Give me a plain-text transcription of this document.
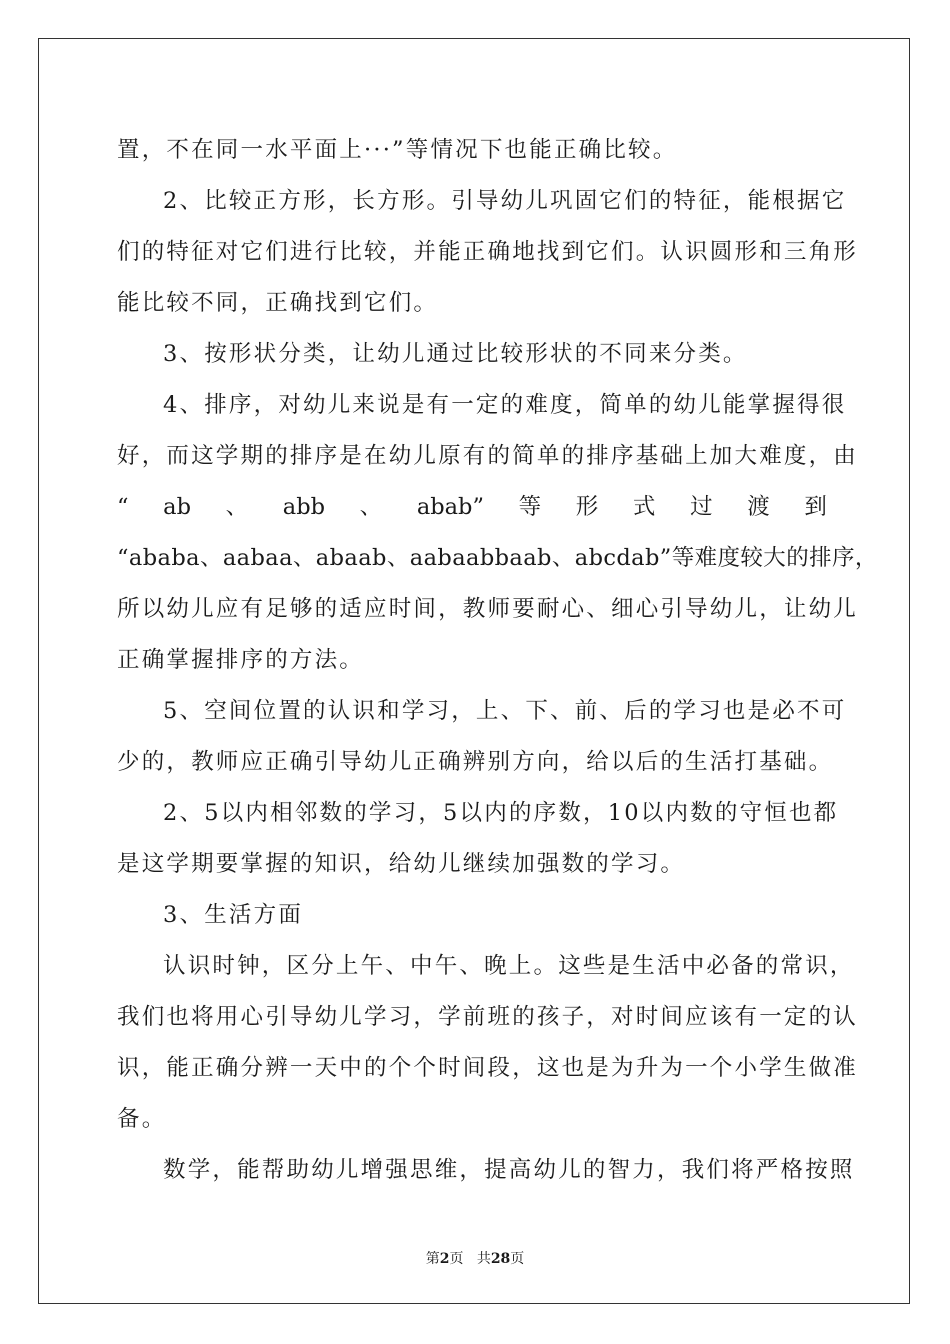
置，不在同一水平面上···”等情况下也能正确比较。
2、比较正方形，长方形。引导幼儿巩固它们的特征，能根据它
们的特征对它们进行比较，并能正确地找到它们。认识圆形和三角形
能比较不同，正确找到它们。
3、按形状分类，让幼儿通过比较形状的不同来分类。
4、排序，对幼儿来说是有一定的难度，简单的幼儿能掌握得很
好，而这学期的排序是在幼儿原有的简单的排序基础上加大难度，由
“ ab 、 abb 、 abab” 等 形 式 过 渡 到
“ababa、aabaa、abaab、aabaabbaab、abcdab”等难度较大的排序，
所以幼儿应有足够的适应时间，教师要耐心、细心引导幼儿，让幼儿
正确掌握排序的方法。
5、空间位置的认识和学习，上、下、前、后的学习也是必不可
少的，教师应正确引导幼儿正确辨别方向，给以后的生活打基础。
2、5以内相邻数的学习，5以内的序数，10以内数的守恒也都
是这学期要掌握的知识，给幼儿继续加强数的学习。
3、生活方面
认识时钟，区分上午、中午、晚上。这些是生活中必备的常识，
我们也将用心引导幼儿学习，学前班的孩子，对时间应该有一定的认
识，能正确分辨一天中的个个时间段，这也是为升为一个小学生做准
备。
数学，能帮助幼儿增强思维，提高幼儿的智力，我们将严格按照
第2页 共28页
